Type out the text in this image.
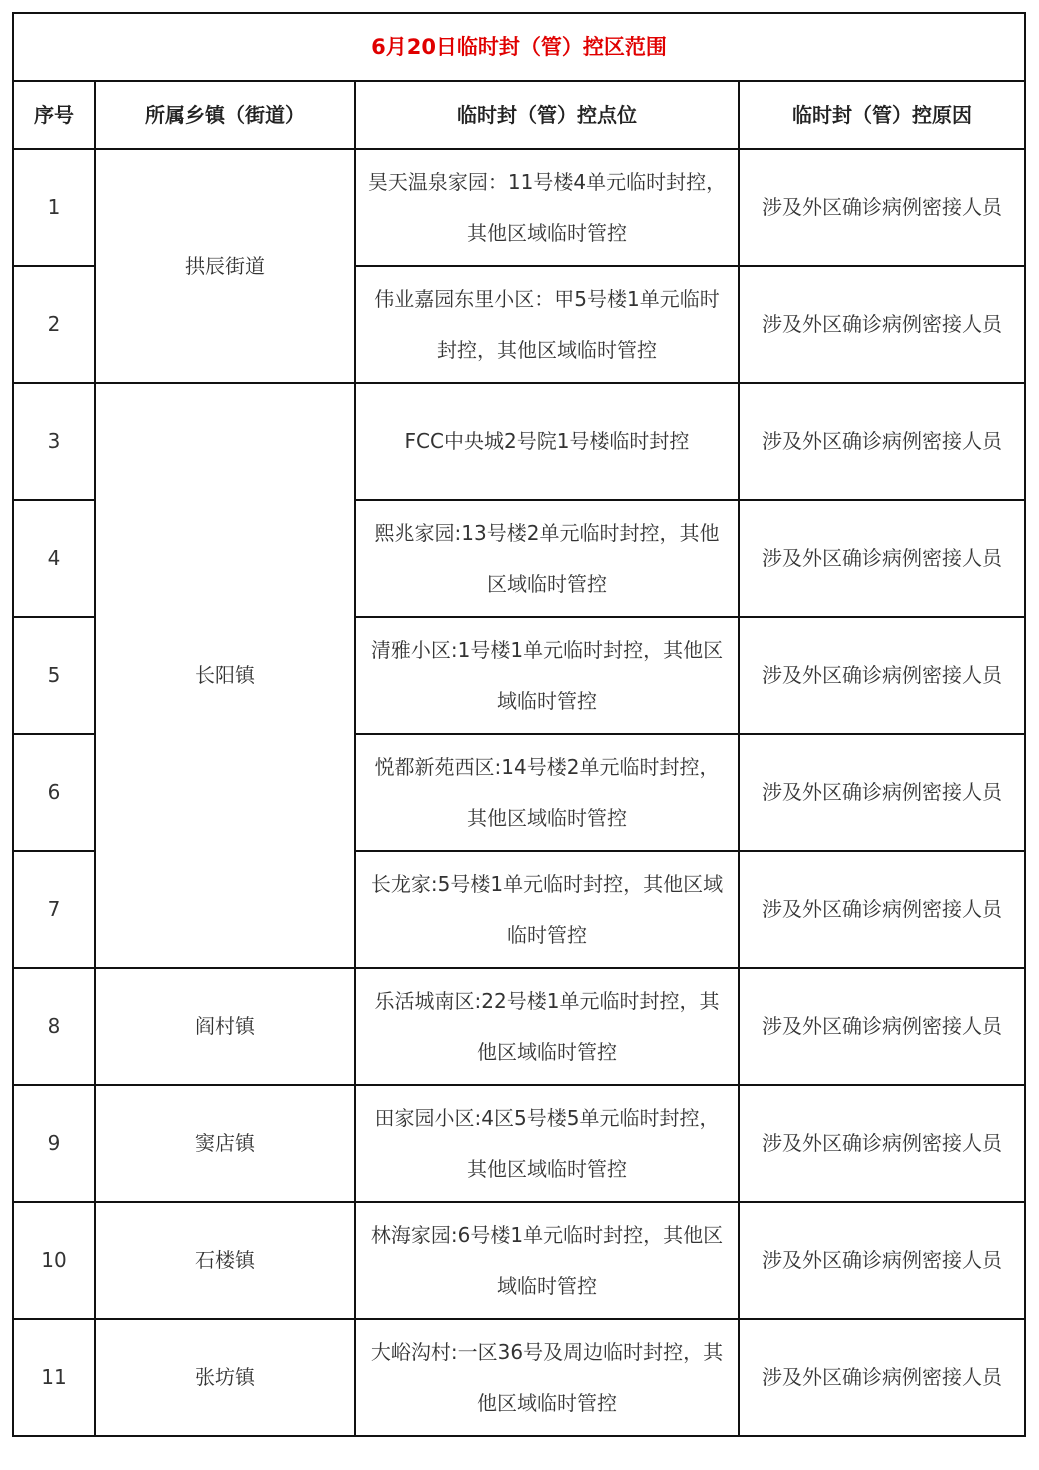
6月20日临时封（管）控区范围			
序号	所属乡镇（街道）	临时封（管）控点位	临时封（管）控原因
1	拱辰街道	昊天温泉家园：11号楼4单元临时封控，其他区域临时管控	涉及外区确诊病例密接人员
2		伟业嘉园东里小区：甲5号楼1单元临时封控，其他区域临时管控	涉及外区确诊病例密接人员
3	长阳镇	FCC中央城2号院1号楼临时封控	涉及外区确诊病例密接人员
4		熙兆家园:13号楼2单元临时封控，其他区域临时管控	涉及外区确诊病例密接人员
5		清雅小区:1号楼1单元临时封控，其他区域临时管控	涉及外区确诊病例密接人员
6		悦都新苑西区:14号楼2单元临时封控，其他区域临时管控	涉及外区确诊病例密接人员
7		长龙家:5号楼1单元临时封控，其他区域临时管控	涉及外区确诊病例密接人员
8	阎村镇	乐活城南区:22号楼1单元临时封控，其他区域临时管控	涉及外区确诊病例密接人员
9	窦店镇	田家园小区:4区5号楼5单元临时封控，其他区域临时管控	涉及外区确诊病例密接人员
10	石楼镇	林海家园:6号楼1单元临时封控，其他区域临时管控	涉及外区确诊病例密接人员
11	张坊镇	大峪沟村:一区36号及周边临时封控，其他区域临时管控	涉及外区确诊病例密接人员
